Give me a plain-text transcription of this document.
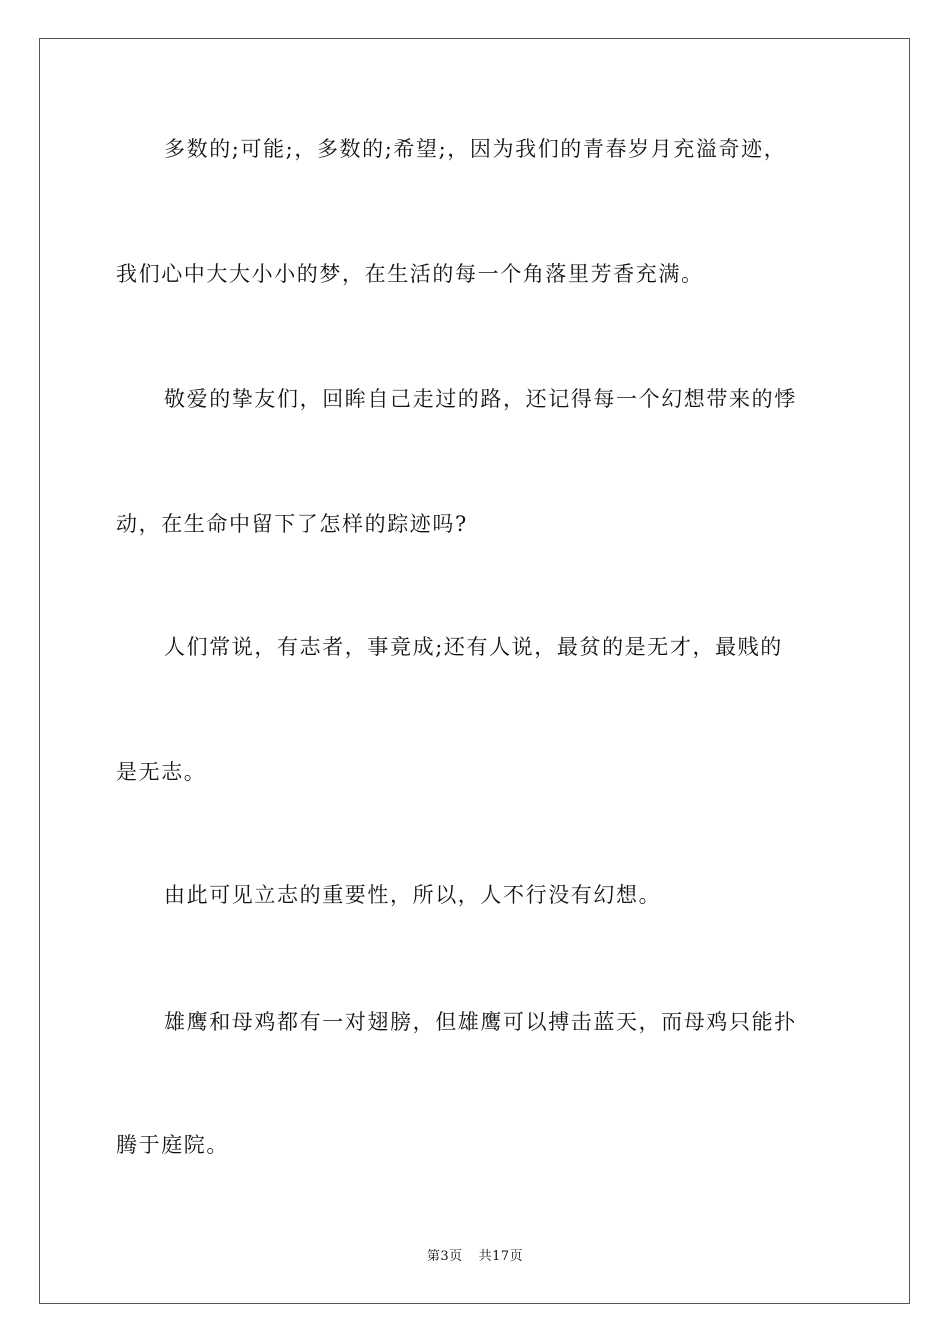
多数的;可能;，多数的;希望;，因为我们的青春岁月充溢奇迹，
我们心中大大小小的梦，在生活的每一个角落里芳香充满。
敬爱的挚友们，回眸自己走过的路，还记得每一个幻想带来的悸
动，在生命中留下了怎样的踪迹吗?
人们常说，有志者，事竟成;还有人说，最贫的是无才，最贱的
是无志。
由此可见立志的重要性，所以，人不行没有幻想。
雄鹰和母鸡都有一对翅膀，但雄鹰可以搏击蓝天，而母鸡只能扑
腾于庭院。
第3页 共17页
